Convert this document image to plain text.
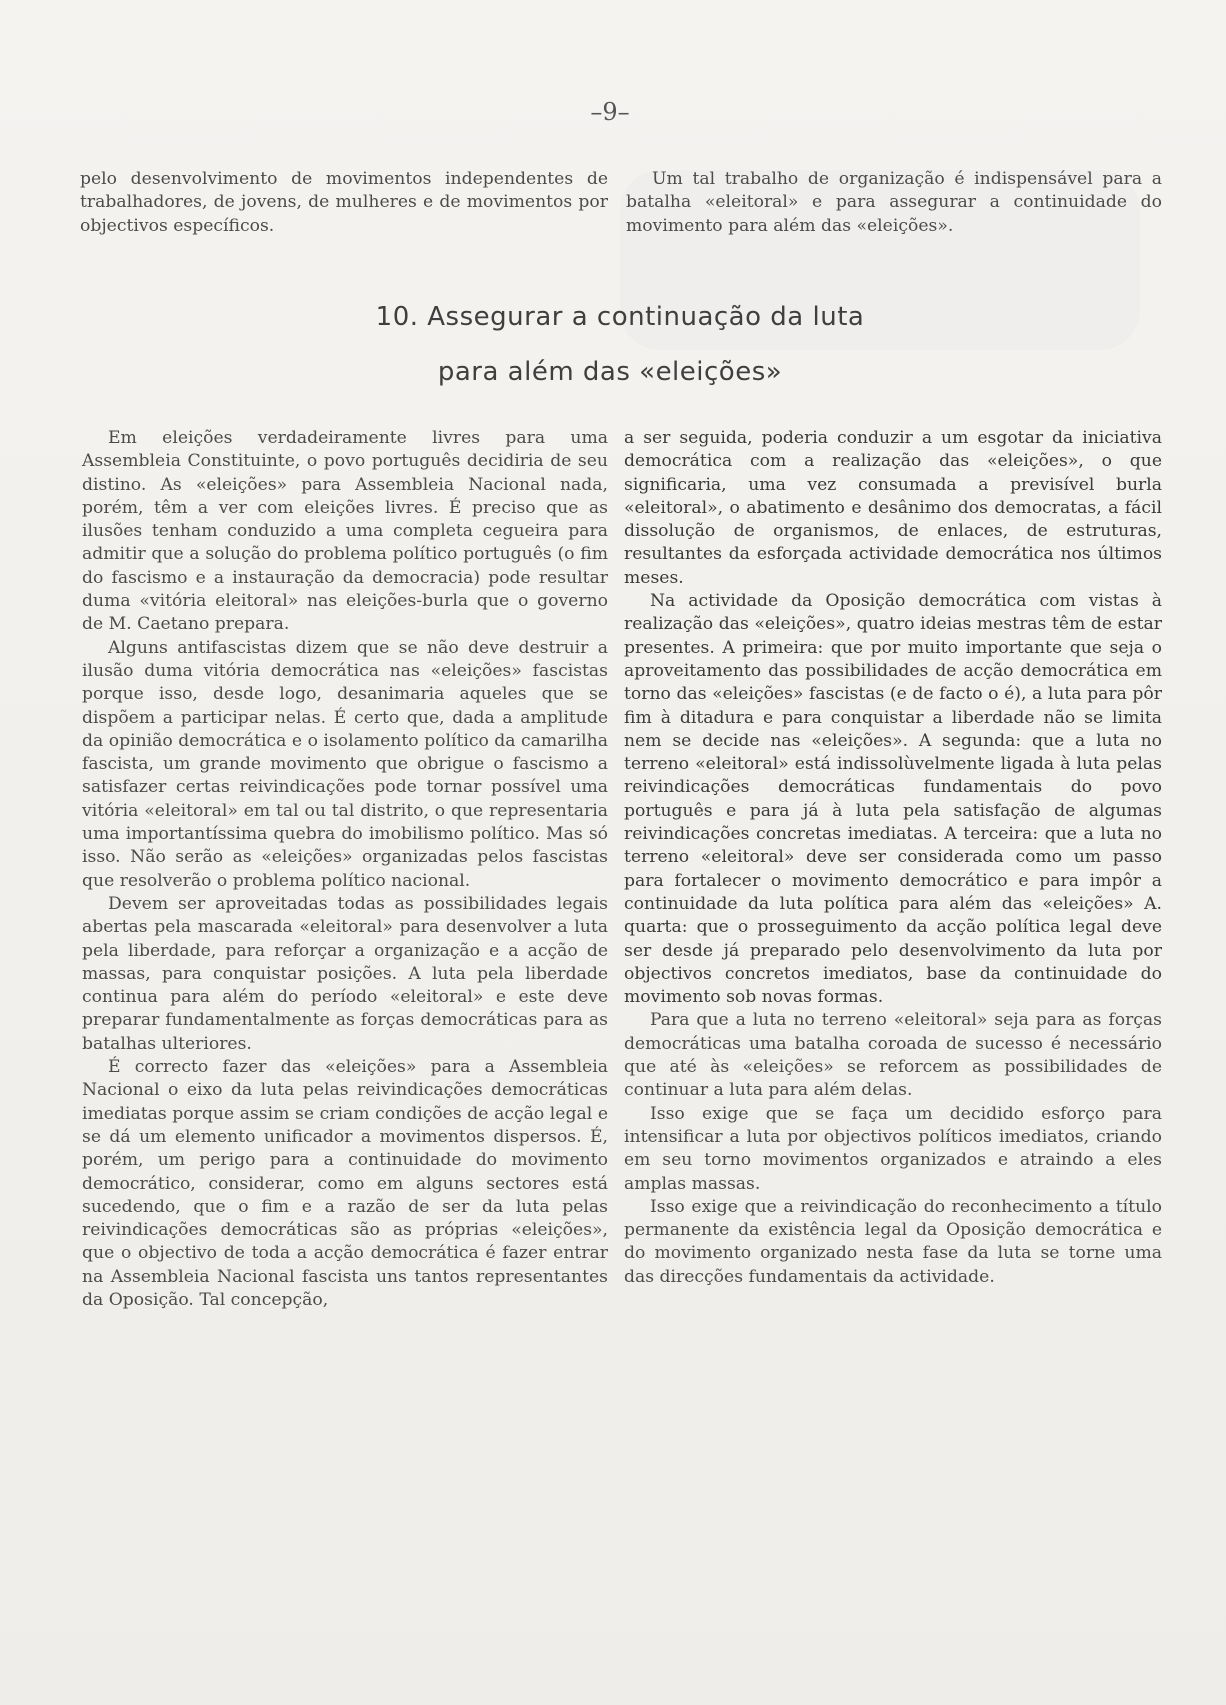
–9–

pelo desenvolvimento de movimentos independentes de trabalhadores, de jovens, de mulheres e de movimentos por objectivos específicos.

Um tal trabalho de organização é indispensável para a batalha «eleitoral» e para assegurar a continuidade do movimento para além das «eleições».

10. Assegurar a continuação da luta
para além das «eleições»

Em eleições verdadeiramente livres para uma Assembleia Constituinte, o povo português decidiria de seu distino. As «eleições» para Assembleia Nacional nada, porém, têm a ver com eleições livres. É preciso que as ilusões tenham conduzido a uma completa cegueira para admitir que a solução do problema político português (o fim do fascismo e a instauração da democracia) pode resultar duma «vitória eleitoral» nas eleições-burla que o governo de M. Caetano prepara.

Alguns antifascistas dizem que se não deve destruir a ilusão duma vitória democrática nas «eleições» fascistas porque isso, desde logo, desanimaria aqueles que se dispõem a participar nelas. É certo que, dada a amplitude da opinião democrática e o isolamento político da camarilha fascista, um grande movimento que obrigue o fascismo a satisfazer certas reivindicações pode tornar possível uma vitória «eleitoral» em tal ou tal distrito, o que representaria uma importantíssima quebra do imobilismo político. Mas só isso. Não serão as «eleições» organizadas pelos fascistas que resolverão o problema político nacional.

Devem ser aproveitadas todas as possibilidades legais abertas pela mascarada «eleitoral» para desenvolver a luta pela liberdade, para reforçar a organização e a acção de massas, para conquistar posições. A luta pela liberdade continua para além do período «eleitoral» e este deve preparar fundamentalmente as forças democráticas para as batalhas ulteriores.

É correcto fazer das «eleições» para a Assembleia Nacional o eixo da luta pelas reivindicações democráticas imediatas porque assim se criam condições de acção legal e se dá um elemento unificador a movimentos dispersos. É, porém, um perigo para a continuidade do movimento democrático, considerar, como em alguns sectores está sucedendo, que o fim e a razão de ser da luta pelas reivindicações democráticas são as próprias «eleições», que o objectivo de toda a acção democrática é fazer entrar na Assembleia Nacional fascista uns tantos representantes da Oposição. Tal concepção,

a ser seguida, poderia conduzir a um esgotar da iniciativa democrática com a realização das «eleições», o que significaria, uma vez consumada a previsível burla «eleitoral», o abatimento e desânimo dos democratas, a fácil dissolução de organismos, de enlaces, de estruturas, resultantes da esforçada actividade democrática nos últimos meses.

Na actividade da Oposição democrática com vistas à realização das «eleições», quatro ideias mestras têm de estar presentes. A primeira: que por muito importante que seja o aproveitamento das possibilidades de acção democrática em torno das «eleições» fascistas (e de facto o é), a luta para pôr fim à ditadura e para conquistar a liberdade não se limita nem se decide nas «eleições». A segunda: que a luta no terreno «eleitoral» está indissolùvelmente ligada à luta pelas reivindicações democráticas fundamentais do povo português e para já à luta pela satisfação de algumas reivindicações concretas imediatas. A terceira: que a luta no terreno «eleitoral» deve ser considerada como um passo para fortalecer o movimento democrático e para impôr a continuidade da luta política para além das «eleições» A. quarta: que o prosseguimento da acção política legal deve ser desde já preparado pelo desenvolvimento da luta por objectivos concretos imediatos, base da continuidade do movimento sob novas formas.

Para que a luta no terreno «eleitoral» seja para as forças democráticas uma batalha coroada de sucesso é necessário que até às «eleições» se reforcem as possibilidades de continuar a luta para além delas.

Isso exige que se faça um decidido esforço para intensificar a luta por objectivos políticos imediatos, criando em seu torno movimentos organizados e atraindo a eles amplas massas.

Isso exige que a reivindicação do reconhecimento a título permanente da existência legal da Oposição democrática e do movimento organizado nesta fase da luta se torne uma das direcções fundamentais da actividade.
